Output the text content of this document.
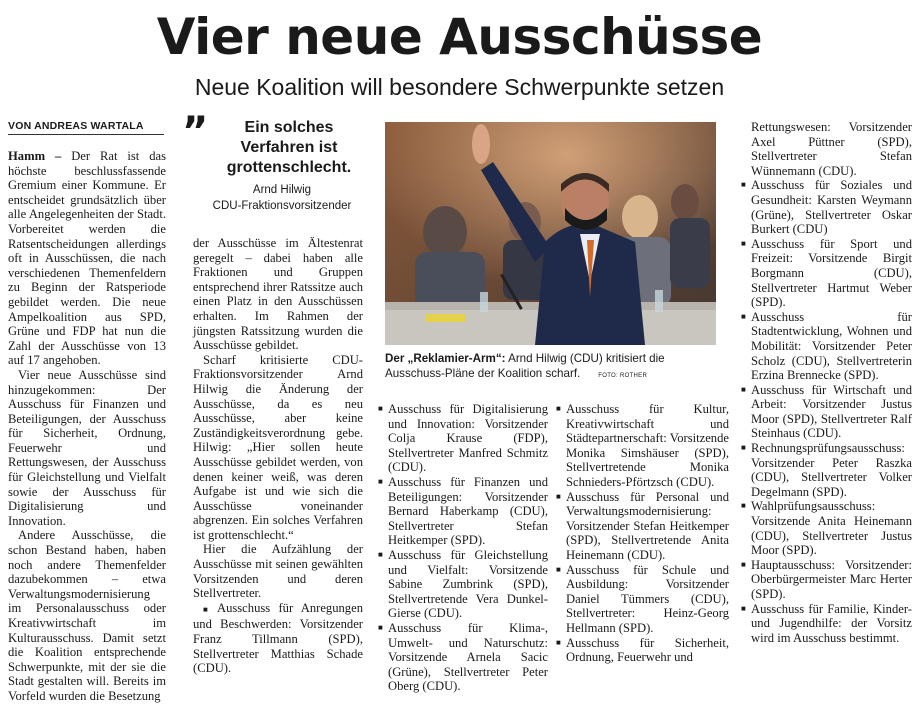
Vier neue Ausschüsse
Neue Koalition will besondere Schwerpunkte setzen
VON ANDREAS WARTALA

Hamm – Der Rat ist das höchste beschlussfassende Gremium einer Kommune. Er entscheidet grundsätzlich über alle Angelegenheiten der Stadt. Vorbereitet werden die Ratsentscheidungen allerdings oft in Ausschüssen, die nach verschiedenen Themenfeldern zu Beginn der Ratsperiode gebildet werden. Die neue Ampelkoalition aus SPD, Grüne und FDP hat nun die Zahl der Ausschüsse von 13 auf 17 angehoben.

Vier neue Ausschüsse sind hinzugekommen: Der Ausschuss für Finanzen und Beteiligungen, der Ausschuss für Sicherheit, Ordnung, Feuerwehr und Rettungswesen, der Ausschuss für Gleichstellung und Vielfalt sowie der Ausschuss für Digitalisierung und Innovation.

Andere Ausschüsse, die schon Bestand haben, haben noch andere Themenfelder dazubekommen – etwa Verwaltungsmodernisierung im Personalausschuss oder Kreativwirtschaft im Kulturausschuss. Damit setzt die Koalition entsprechende Schwerpunkte, mit der sie die Stadt gestalten will. Bereits im Vorfeld wurden die Besetzung

”	Ein solches Verfahren ist grottenschlecht.
Arnd Hilwig
CDU-Fraktionsvorsitzender

der Ausschüsse im Ältestenrat geregelt – dabei haben alle Fraktionen und Gruppen entsprechend ihrer Ratssitze auch einen Platz in den Ausschüssen erhalten. Im Rahmen der jüngsten Ratssitzung wurden die Ausschüsse gebildet.

Scharf kritisierte CDU-Fraktionsvorsitzender Arnd Hilwig die Änderung der Ausschüsse, da es neu Ausschüsse, aber keine Zuständigkeitsverordnung gebe. Hilwig: „Hier sollen heute Ausschüsse gebildet werden, von denen keiner weiß, was deren Aufgabe ist und wie sich die Ausschüsse voneinander abgrenzen. Ein solches Verfahren ist grottenschlecht.“

Hier die Aufzählung der Ausschüsse mit seinen gewählten Vorsitzenden und deren Stellvertreter.

■ Ausschuss für Anregungen und Beschwerden: Vorsitzender Franz Tillmann (SPD), Stellvertreter Matthias Schade (CDU).

Der „Reklamier-Arm“: Arnd Hilwig (CDU) kritisiert die Ausschuss-Pläne der Koalition scharf.	FOTO: ROTHER

■ Ausschuss für Digitalisierung und Innovation: Vorsitzender Colja Krause (FDP), Stellvertreter Manfred Schmitz (CDU).

■ Ausschuss für Finanzen und Beteiligungen: Vorsitzender Bernard Haberkamp (CDU), Stellvertreter Stefan Heitkemper (SPD).

■ Ausschuss für Gleichstellung und Vielfalt: Vorsitzende Sabine Zumbrink (SPD), Stellvertretende Vera Dunkel-Gierse (CDU).

■ Ausschuss für Klima-, Umwelt- und Naturschutz: Vorsitzende Arnela Sacic (Grüne), Stellvertreter Peter Oberg (CDU).

■ Ausschuss für Kultur, Kreativwirtschaft und Städtepartnerschaft: Vorsitzende Monika Simshäuser (SPD), Stellvertretende Monika Schnieders-Pförtzsch (CDU).

■ Ausschuss für Personal und Verwaltungsmodernisierung: Vorsitzender Stefan Heitkemper (SPD), Stellvertretende Anita Heinemann (CDU).

■ Ausschuss für Schule und Ausbildung: Vorsitzender Daniel Tümmers (CDU), Stellvertreter: Heinz-Georg Hellmann (SPD).

■ Ausschuss für Sicherheit, Ordnung, Feuerwehr und

Rettungswesen: Vorsitzender Axel Püttner (SPD), Stellvertreter Stefan Wünnemann (CDU).

■ Ausschuss für Soziales und Gesundheit: Karsten Weymann (Grüne), Stellvertreter Oskar Burkert (CDU)

■ Ausschuss für Sport und Freizeit: Vorsitzende Birgit Borgmann (CDU), Stellvertreter Hartmut Weber (SPD).

■ Ausschuss für Stadtentwicklung, Wohnen und Mobilität: Vorsitzender Peter Scholz (CDU), Stellvertreterin Erzina Brennecke (SPD).

■ Ausschuss für Wirtschaft und Arbeit: Vorsitzender Justus Moor (SPD), Stellvertreter Ralf Steinhaus (CDU).

■ Rechnungsprüfungsausschuss: Vorsitzender Peter Raszka (CDU), Stellvertreter Volker Degelmann (SPD).

■ Wahlprüfungsausschuss: Vorsitzende Anita Heinemann (CDU), Stellvertreter Justus Moor (SPD).

■ Hauptausschuss: Vorsitzender: Oberbürgermeister Marc Herter (SPD).

■ Ausschuss für Familie, Kinder- und Jugendhilfe: der Vorsitz wird im Ausschuss bestimmt.
